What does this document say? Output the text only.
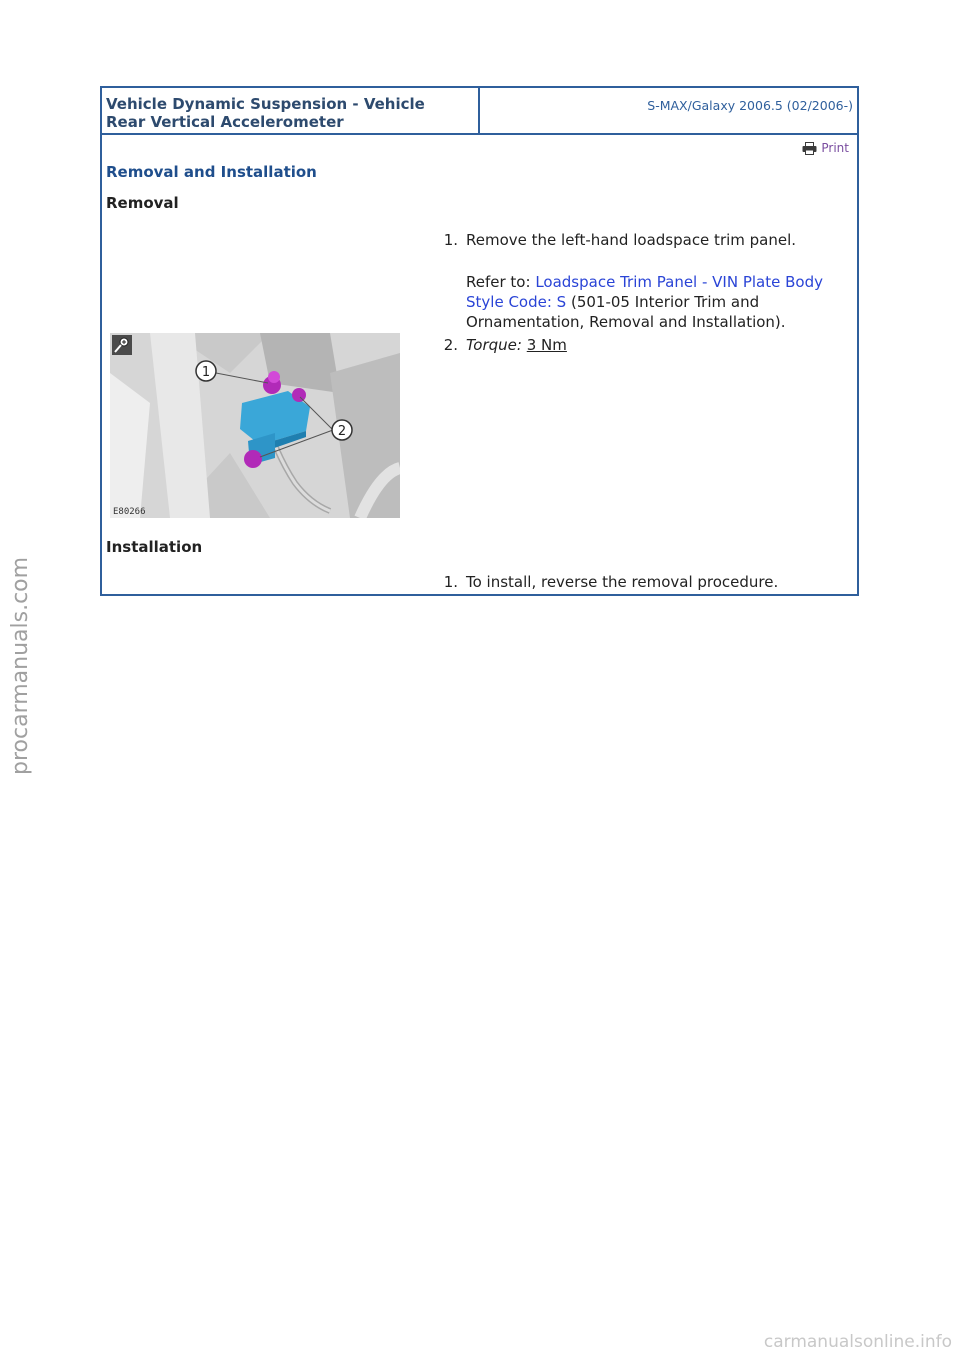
Vehicle Dynamic Suspension - Vehicle
Rear Vertical Accelerometer
S-MAX/Galaxy 2006.5 (02/2006-)
Print
Removal and Installation
Removal
1. Remove the left-hand loadspace trim panel.

Refer to: Loadspace Trim Panel - VIN Plate Body Style Code: S (501-05 Interior Trim and Ornamentation, Removal and Installation).

2. Torque: 3 Nm
1
2
E80266
Installation
1. To install, reverse the removal procedure.

procarmanuals.com
carmanualsonline.info
